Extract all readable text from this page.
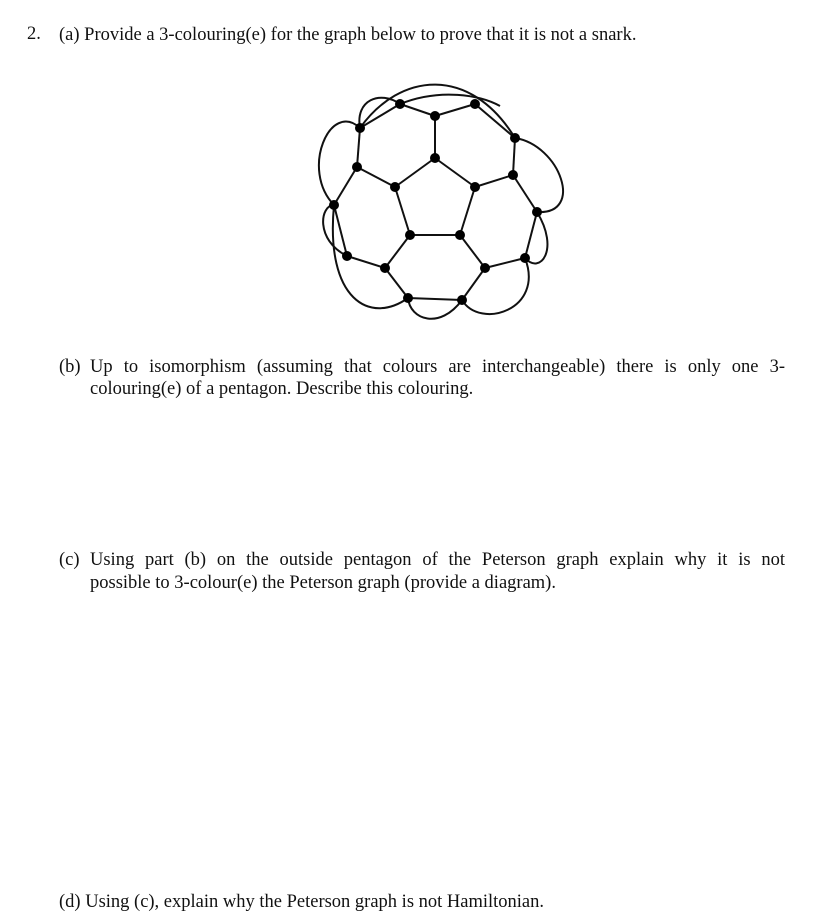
2. (a) Provide a 3-colouring(e) for the graph below to prove that it is not a snark.
(b) Up to isomorphism (assuming that colours are interchangeable) there is only one 3-
colouring(e) of a pentagon. Describe this colouring.
(c) Using part (b) on the outside pentagon of the Peterson graph explain why it is not
possible to 3-colour(e) the Peterson graph (provide a diagram).
(d) Using (c), explain why the Peterson graph is not Hamiltonian.
